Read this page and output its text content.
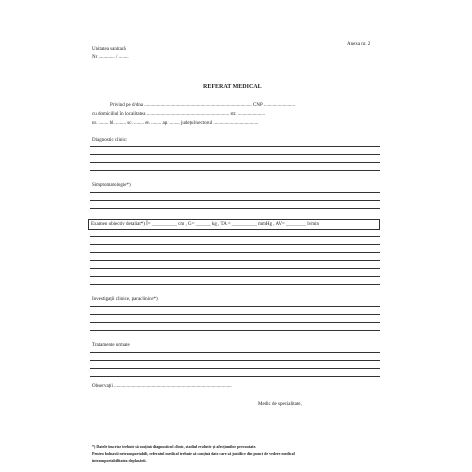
Anexa nr. 2
Unitatea sanitară
Nr ............. / ........
REFERAT MEDICAL
Privind pe d/dna ...................................................................................... CNP .........................
cu domiciliul în localitatea .................................................................. str. ......................
nr. ........ bl. ........ sc. ........ et. ........ ap. ........ județul/sectorul ....................................
Diagnostic clinic:
Simptomatologie*)
Examen obiectiv detaliat*) Î= __________ cm , G= ______ kg , TA = __________ mmHg , AV= ________ b/min
Investigații clinice, paraclinice*)
Tratamente urmate
Observații ..............................................................................................
Medic de specialitate,
*) Datele înscrise trebuie să susțină diagnosticul clinic, stadiul evolutiv și afecțiunilor precoutate.
Pentru bolnavii netransportabili, referatul medical trebuie să conțină date care să justifice din punct de vedere medical
intransportabilitatea deplasării.
